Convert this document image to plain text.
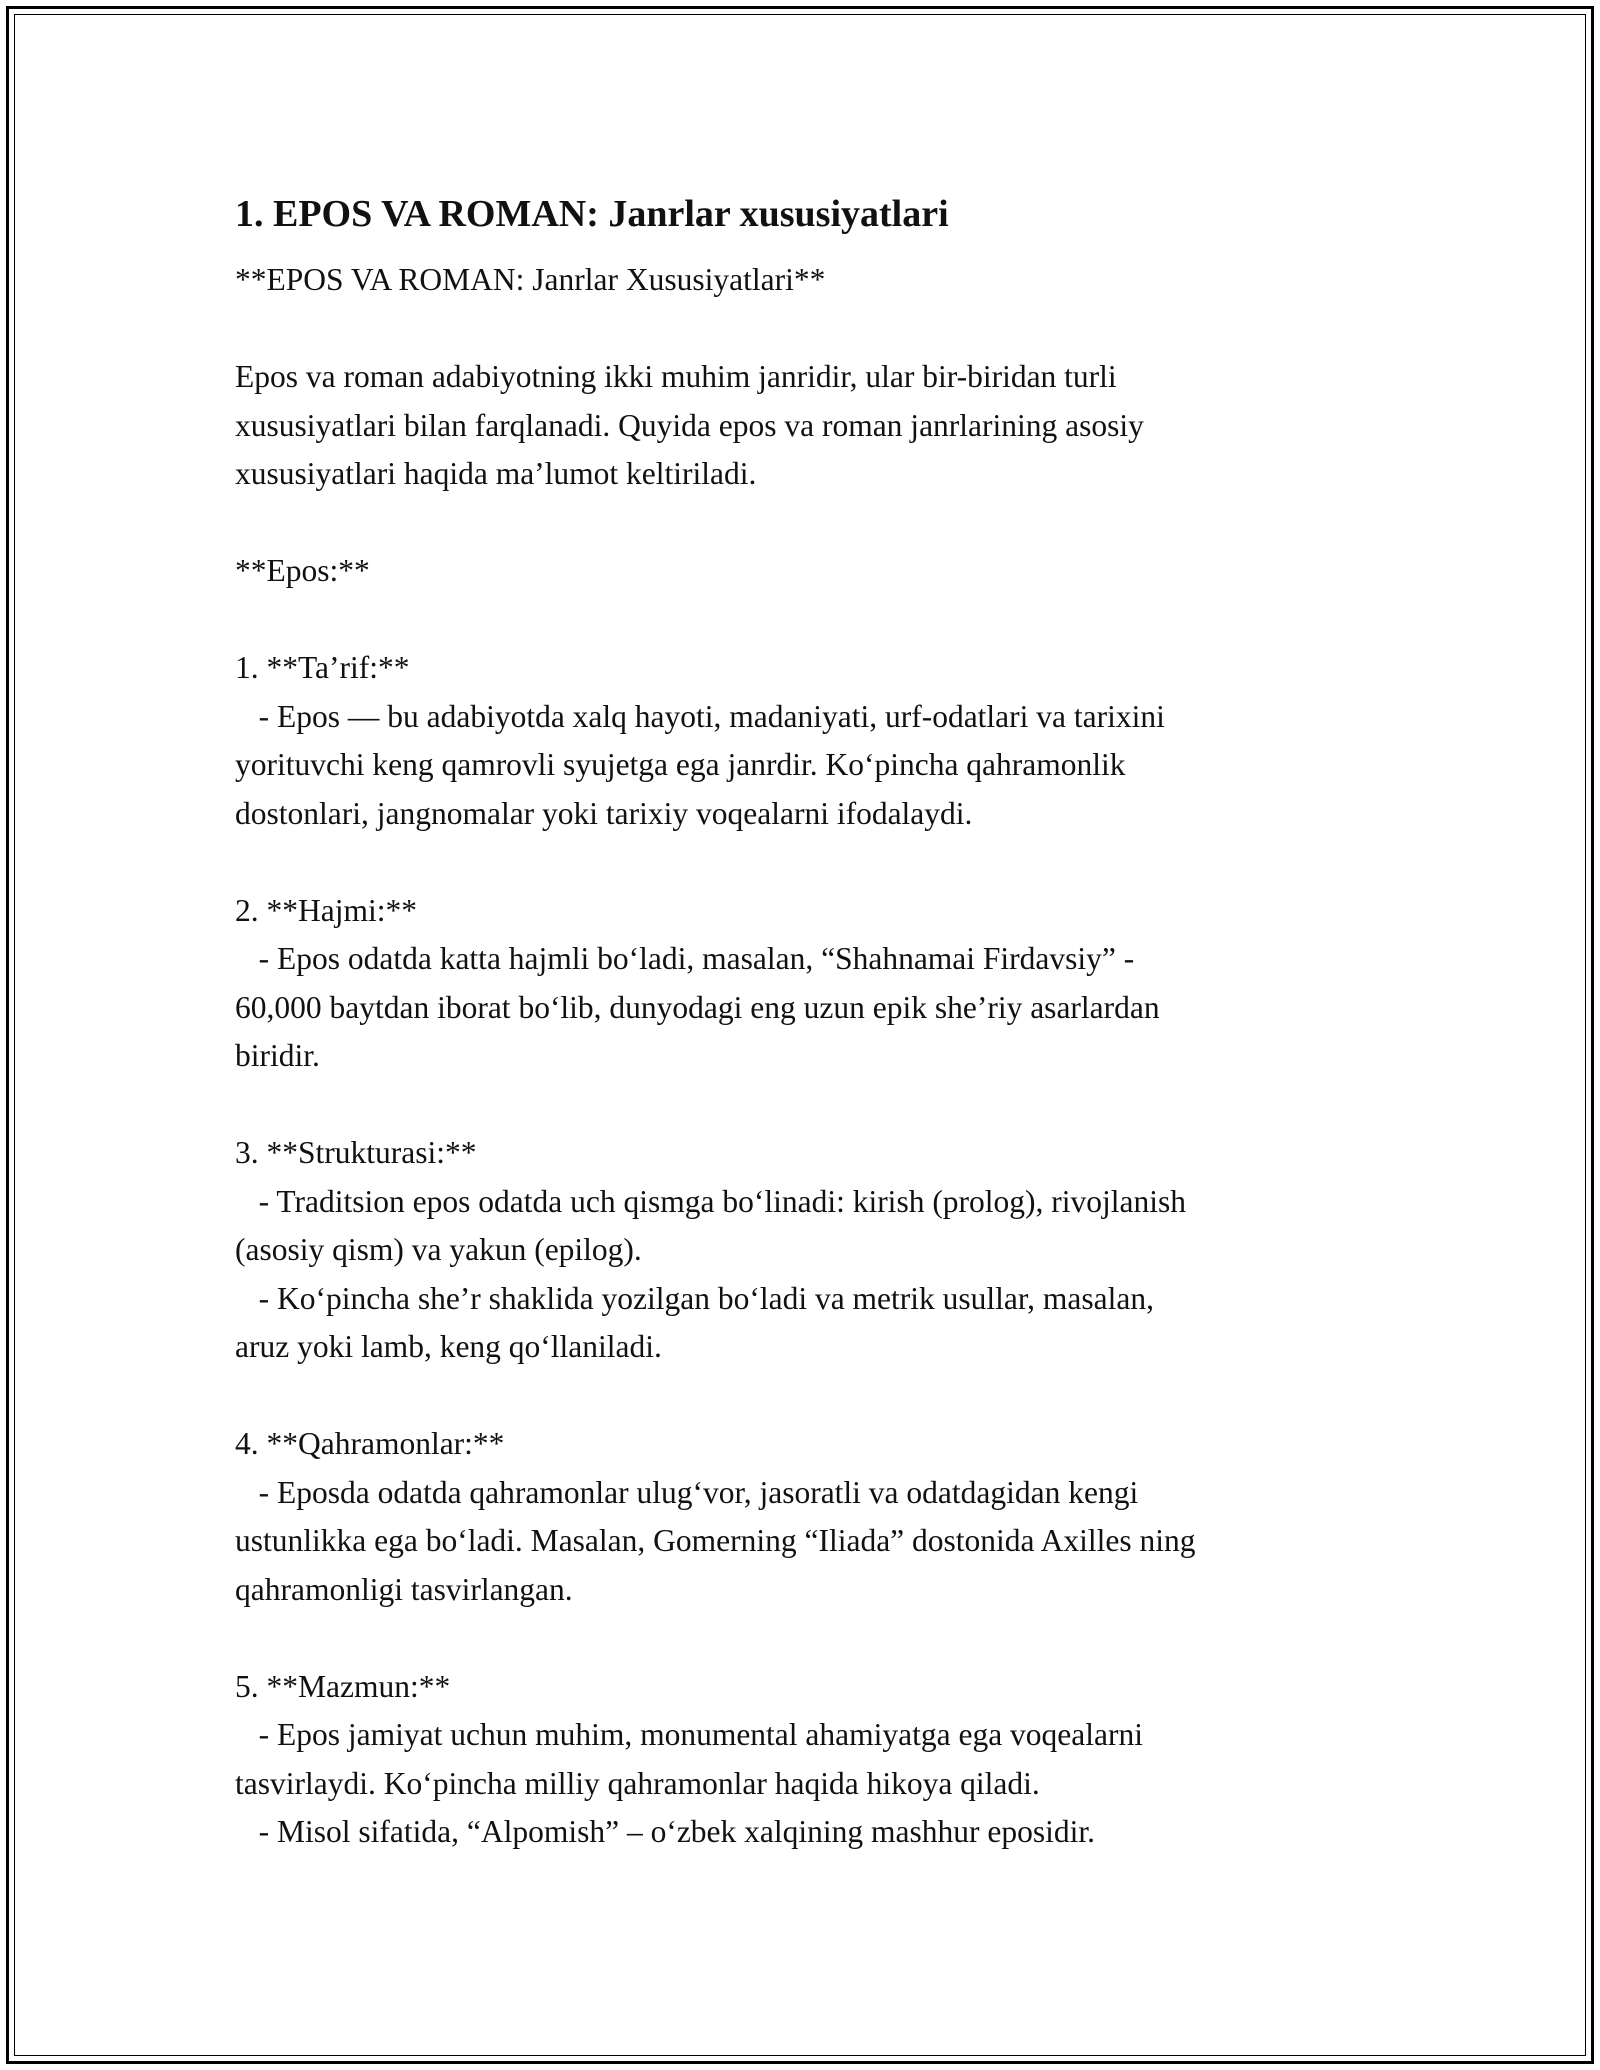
1. EPOS VA ROMAN: Janrlar xususiyatlari
**EPOS VA ROMAN: Janrlar Xususiyatlari**

Epos va roman adabiyotning ikki muhim janridir, ular bir-biridan turli
xususiyatlari bilan farqlanadi. Quyida epos va roman janrlarining asosiy
xususiyatlari haqida ma’lumot keltiriladi.

**Epos:**

1. **Ta’rif:**
- Epos — bu adabiyotda xalq hayoti, madaniyati, urf-odatlari va tarixini
yorituvchi keng qamrovli syujetga ega janrdir. Ko‘pincha qahramonlik
dostonlari, jangnomalar yoki tarixiy voqealarni ifodalaydi.

2. **Hajmi:**
- Epos odatda katta hajmli bo‘ladi, masalan, “Shahnamai Firdavsiy” -
60,000 baytdan iborat bo‘lib, dunyodagi eng uzun epik she’riy asarlardan
biridir.

3. **Strukturasi:**
- Traditsion epos odatda uch qismga bo‘linadi: kirish (prolog), rivojlanish
(asosiy qism) va yakun (epilog).
- Ko‘pincha she’r shaklida yozilgan bo‘ladi va metrik usullar, masalan,
aruz yoki lamb, keng qo‘llaniladi.

4. **Qahramonlar:**
- Eposda odatda qahramonlar ulug‘vor, jasoratli va odatdagidan kengi
ustunlikka ega bo‘ladi. Masalan, Gomerning “Iliada” dostonida Axilles ning
qahramonligi tasvirlangan.

5. **Mazmun:**
- Epos jamiyat uchun muhim, monumental ahamiyatga ega voqealarni
tasvirlaydi. Ko‘pincha milliy qahramonlar haqida hikoya qiladi.
- Misol sifatida, “Alpomish” – o‘zbek xalqining mashhur eposidir.
